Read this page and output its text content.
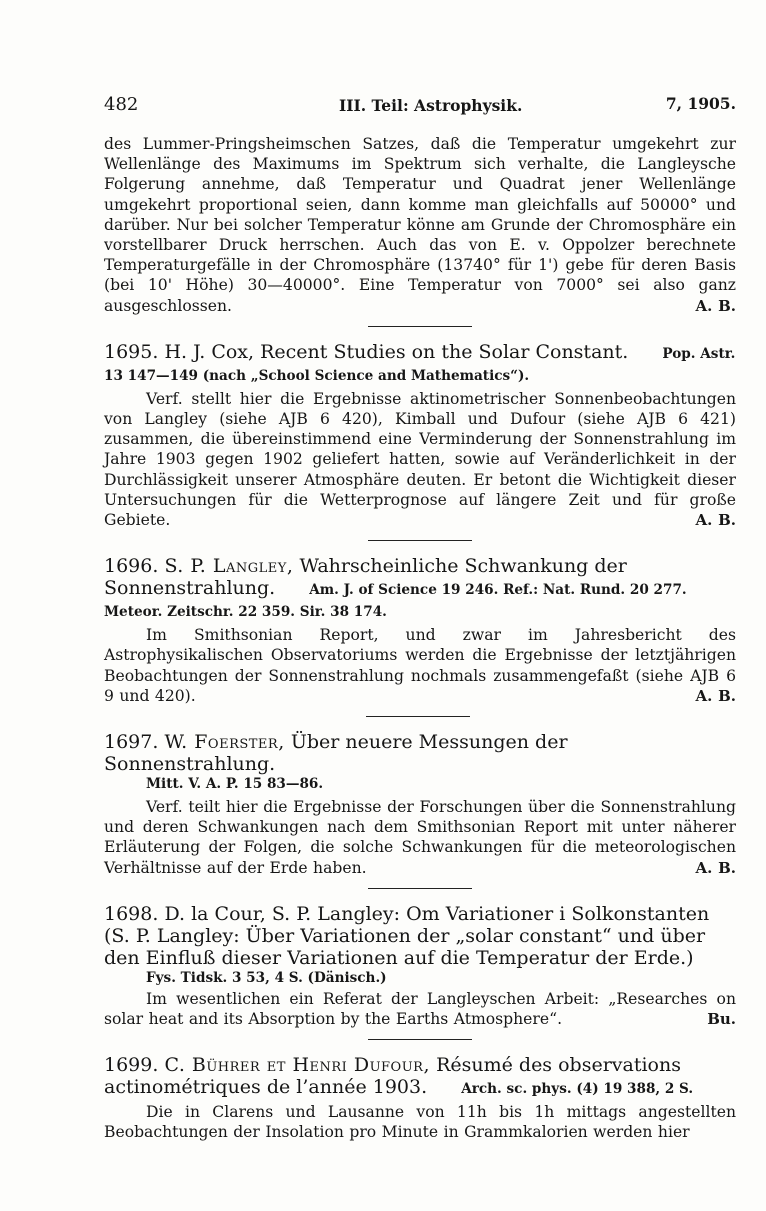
482	III. Teil: Astrophysik.	7, 1905.

des Lummer-Pringsheimschen Satzes, daß die Temperatur umgekehrt zur Wellenlänge des Maximums im Spektrum sich verhalte, die Langleysche Folgerung annehme, daß Temperatur und Quadrat jener Wellenlänge umgekehrt proportional seien, dann komme man gleichfalls auf 50000° und darüber. Nur bei solcher Temperatur könne am Grunde der Chromosphäre ein vorstellbarer Druck herrschen. Auch das von E. v. Oppolzer berechnete Temperaturgefälle in der Chromosphäre (13740° für 1') gebe für deren Basis (bei 10' Höhe) 30—40000°. Eine Temperatur von 7000° sei also ganz ausgeschlossen.	A. B.

1695. H. J. Cox, Recent Studies on the Solar Constant.	Pop. Astr. 13 147—149 (nach „School Science and Mathematics“).

Verf. stellt hier die Ergebnisse aktinometrischer Sonnenbeobachtungen von Langley (siehe AJB 6 420), Kimball und Dufour (siehe AJB 6 421) zusammen, die übereinstimmend eine Verminderung der Sonnenstrahlung im Jahre 1903 gegen 1902 geliefert hatten, sowie auf Veränderlichkeit in der Durchlässigkeit unserer Atmosphäre deuten. Er betont die Wichtigkeit dieser Untersuchungen für die Wetterprognose auf längere Zeit und für große Gebiete.	A. B.

1696. S. P. Langley, Wahrscheinliche Schwankung der Sonnenstrahlung.	Am. J. of Science 19 246. Ref.: Nat. Rund. 20 277. Meteor. Zeitschr. 22 359. Sir. 38 174.

Im Smithsonian Report, und zwar im Jahresbericht des Astrophysikalischen Observatoriums werden die Ergebnisse der letztjährigen Beobachtungen der Sonnenstrahlung nochmals zusammengefaßt (siehe AJB 6 9 und 420).	A. B.

1697. W. Foerster, Über neuere Messungen der Sonnenstrahlung.

Mitt. V. A. P. 15 83—86.

Verf. teilt hier die Ergebnisse der Forschungen über die Sonnenstrahlung und deren Schwankungen nach dem Smithsonian Report mit unter näherer Erläuterung der Folgen, die solche Schwankungen für die meteorologischen Verhältnisse auf der Erde haben.	A. B.

1698. D. la Cour, S. P. Langley: Om Variationer i Solkonstanten (S. P. Langley: Über Variationen der „solar constant“ und über den Einfluß dieser Variationen auf die Temperatur der Erde.)

Fys. Tidsk. 3 53, 4 S. (Dänisch.)

Im wesentlichen ein Referat der Langleyschen Arbeit: „Researches on solar heat and its Absorption by the Earths Atmosphere“.	Bu.

1699. C. Bührer et Henri Dufour, Résumé des observations actinométriques de l’année 1903.	Arch. sc. phys. (4) 19 388, 2 S.

Die in Clarens und Lausanne von 11h bis 1h mittags angestellten Beobachtungen der Insolation pro Minute in Grammkalorien werden hier
